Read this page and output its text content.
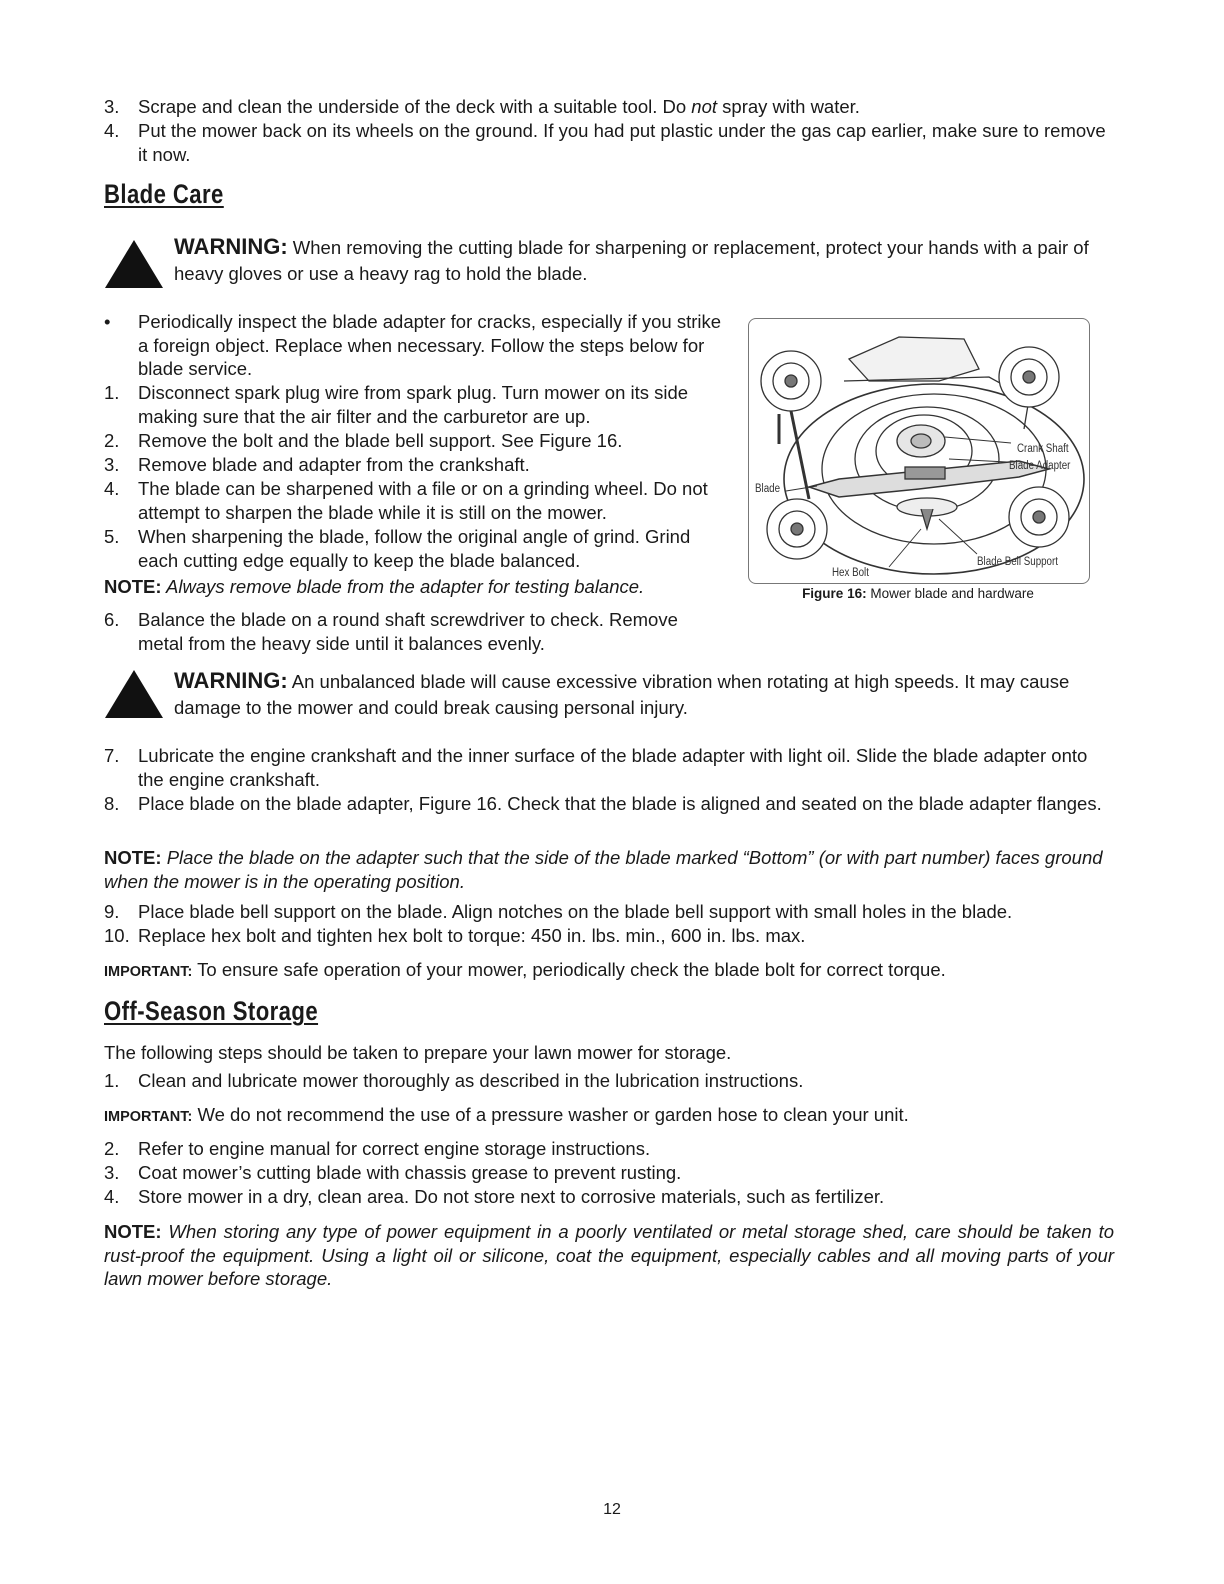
3.	Scrape and clean the underside of the deck with a suitable tool. Do not spray with water.
4.	Put the mower back on its wheels on the ground. If you had put plastic under the gas cap earlier, make sure to remove it now.
Blade Care
WARNING: When removing the cutting blade for sharpening or replacement, protect your hands with a pair of heavy gloves or use a heavy rag to hold the blade.
•	Periodically inspect the blade adapter for cracks, especially if you strike a foreign object. Replace when necessary. Follow the steps below for blade service.
1.	Disconnect spark plug wire from spark plug. Turn mower on its side making sure that the air filter and the carburetor are up.
2.	Remove the bolt and the blade bell support. See Figure 16.
3.	Remove blade and adapter from the crankshaft.
4.	The blade can be sharpened with a file or on a grinding wheel. Do not attempt to sharpen the blade while it is still on the mower.
5.	When sharpening the blade, follow the original angle of grind. Grind each cutting edge equally to keep the blade balanced.
NOTE: Always remove blade from the adapter for testing balance.
6.	Balance the blade on a round shaft screwdriver to check. Remove metal from the heavy side until it balances evenly.
Crank Shaft
Blade Adapter
Blade
Blade Bell Support
Hex Bolt
Figure 16: Mower blade and hardware
WARNING: An unbalanced blade will cause excessive vibration when rotating at high speeds. It may cause damage to the mower and could break causing personal injury.
7.	Lubricate the engine crankshaft and the inner surface of the blade adapter with light oil. Slide the blade adapter onto the engine crankshaft.
8.	Place blade on the blade adapter, Figure 16. Check that the blade is aligned and seated on the blade adapter flanges.
NOTE: Place the blade on the adapter such that the side of the blade marked “Bottom” (or with part number) faces ground when the mower is in the operating position.
9.	Place blade bell support on the blade. Align notches on the blade bell support with small holes in the blade.
10. Replace hex bolt and tighten hex bolt to torque: 450 in. lbs. min., 600 in. lbs. max.
IMPORTANT: To ensure safe operation of your mower, periodically check the blade bolt for correct torque.
Off-Season Storage
The following steps should be taken to prepare your lawn mower for storage.
1.	Clean and lubricate mower thoroughly as described in the lubrication instructions.
IMPORTANT: We do not recommend the use of a pressure washer or garden hose to clean your unit.
2.	Refer to engine manual for correct engine storage instructions.
3.	Coat mower’s cutting blade with chassis grease to prevent rusting.
4.	Store mower in a dry, clean area. Do not store next to corrosive materials, such as fertilizer.
NOTE: When storing any type of power equipment in a poorly ventilated or metal storage shed, care should be taken to rust-proof the equipment. Using a light oil or silicone, coat the equipment, especially cables and all moving parts of your lawn mower before storage.
12
